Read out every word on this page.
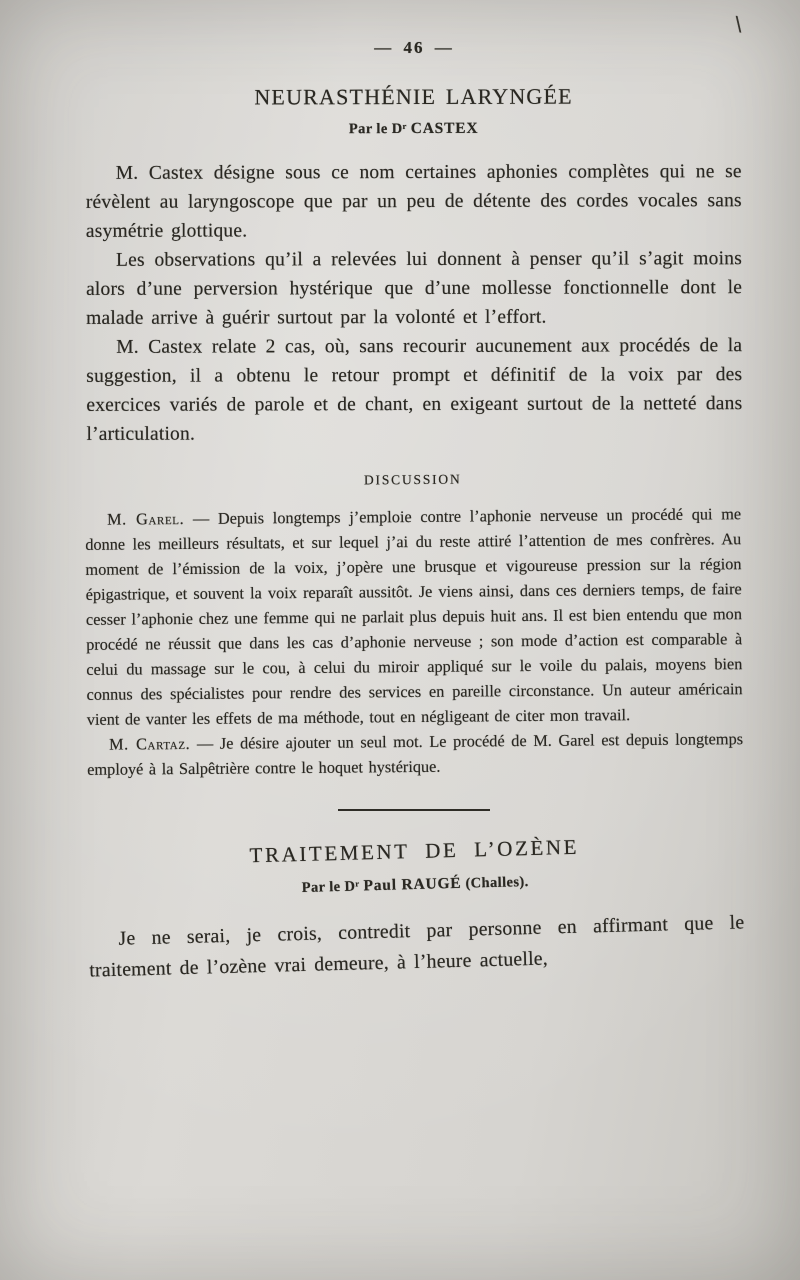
\
— 46 —
NEURASTHÉNIE LARYNGÉE
Par le Dʳ CASTEX

M. Castex désigne sous ce nom certaines aphonies complètes qui ne se révèlent au laryngoscope que par un peu de détente des cordes vocales sans asymétrie glottique.

Les observations qu’il a relevées lui donnent à penser qu’il s’agit moins alors d’une perversion hystérique que d’une mollesse fonctionnelle dont le malade arrive à guérir surtout par la volonté et l’effort.

M. Castex relate 2 cas, où, sans recourir aucunement aux procédés de la suggestion, il a obtenu le retour prompt et définitif de la voix par des exercices variés de parole et de chant, en exigeant surtout de la netteté dans l’articulation.

DISCUSSION

M. Garel. — Depuis longtemps j’emploie contre l’aphonie nerveuse un procédé qui me donne les meilleurs résultats, et sur lequel j’ai du reste attiré l’attention de mes confrères. Au moment de l’émission de la voix, j’opère une brusque et vigoureuse pression sur la région épigastrique, et souvent la voix reparaît aussitôt. Je viens ainsi, dans ces derniers temps, de faire cesser l’aphonie chez une femme qui ne parlait plus depuis huit ans. Il est bien entendu que mon procédé ne réussit que dans les cas d’aphonie nerveuse ; son mode d’action est comparable à celui du massage sur le cou, à celui du miroir appliqué sur le voile du palais, moyens bien connus des spécialistes pour rendre des services en pareille circonstance. Un auteur américain vient de vanter les effets de ma méthode, tout en négligeant de citer mon travail.

M. Cartaz. — Je désire ajouter un seul mot. Le procédé de M. Garel est depuis longtemps employé à la Salpêtrière contre le hoquet hystérique.

TRAITEMENT DE L’OZÈNE
Par le Dʳ Paul RAUGÉ (Challes).

Je ne serai, je crois, contredit par personne en affirmant que le traitement de l’ozène vrai demeure, à l’heure actuelle,
